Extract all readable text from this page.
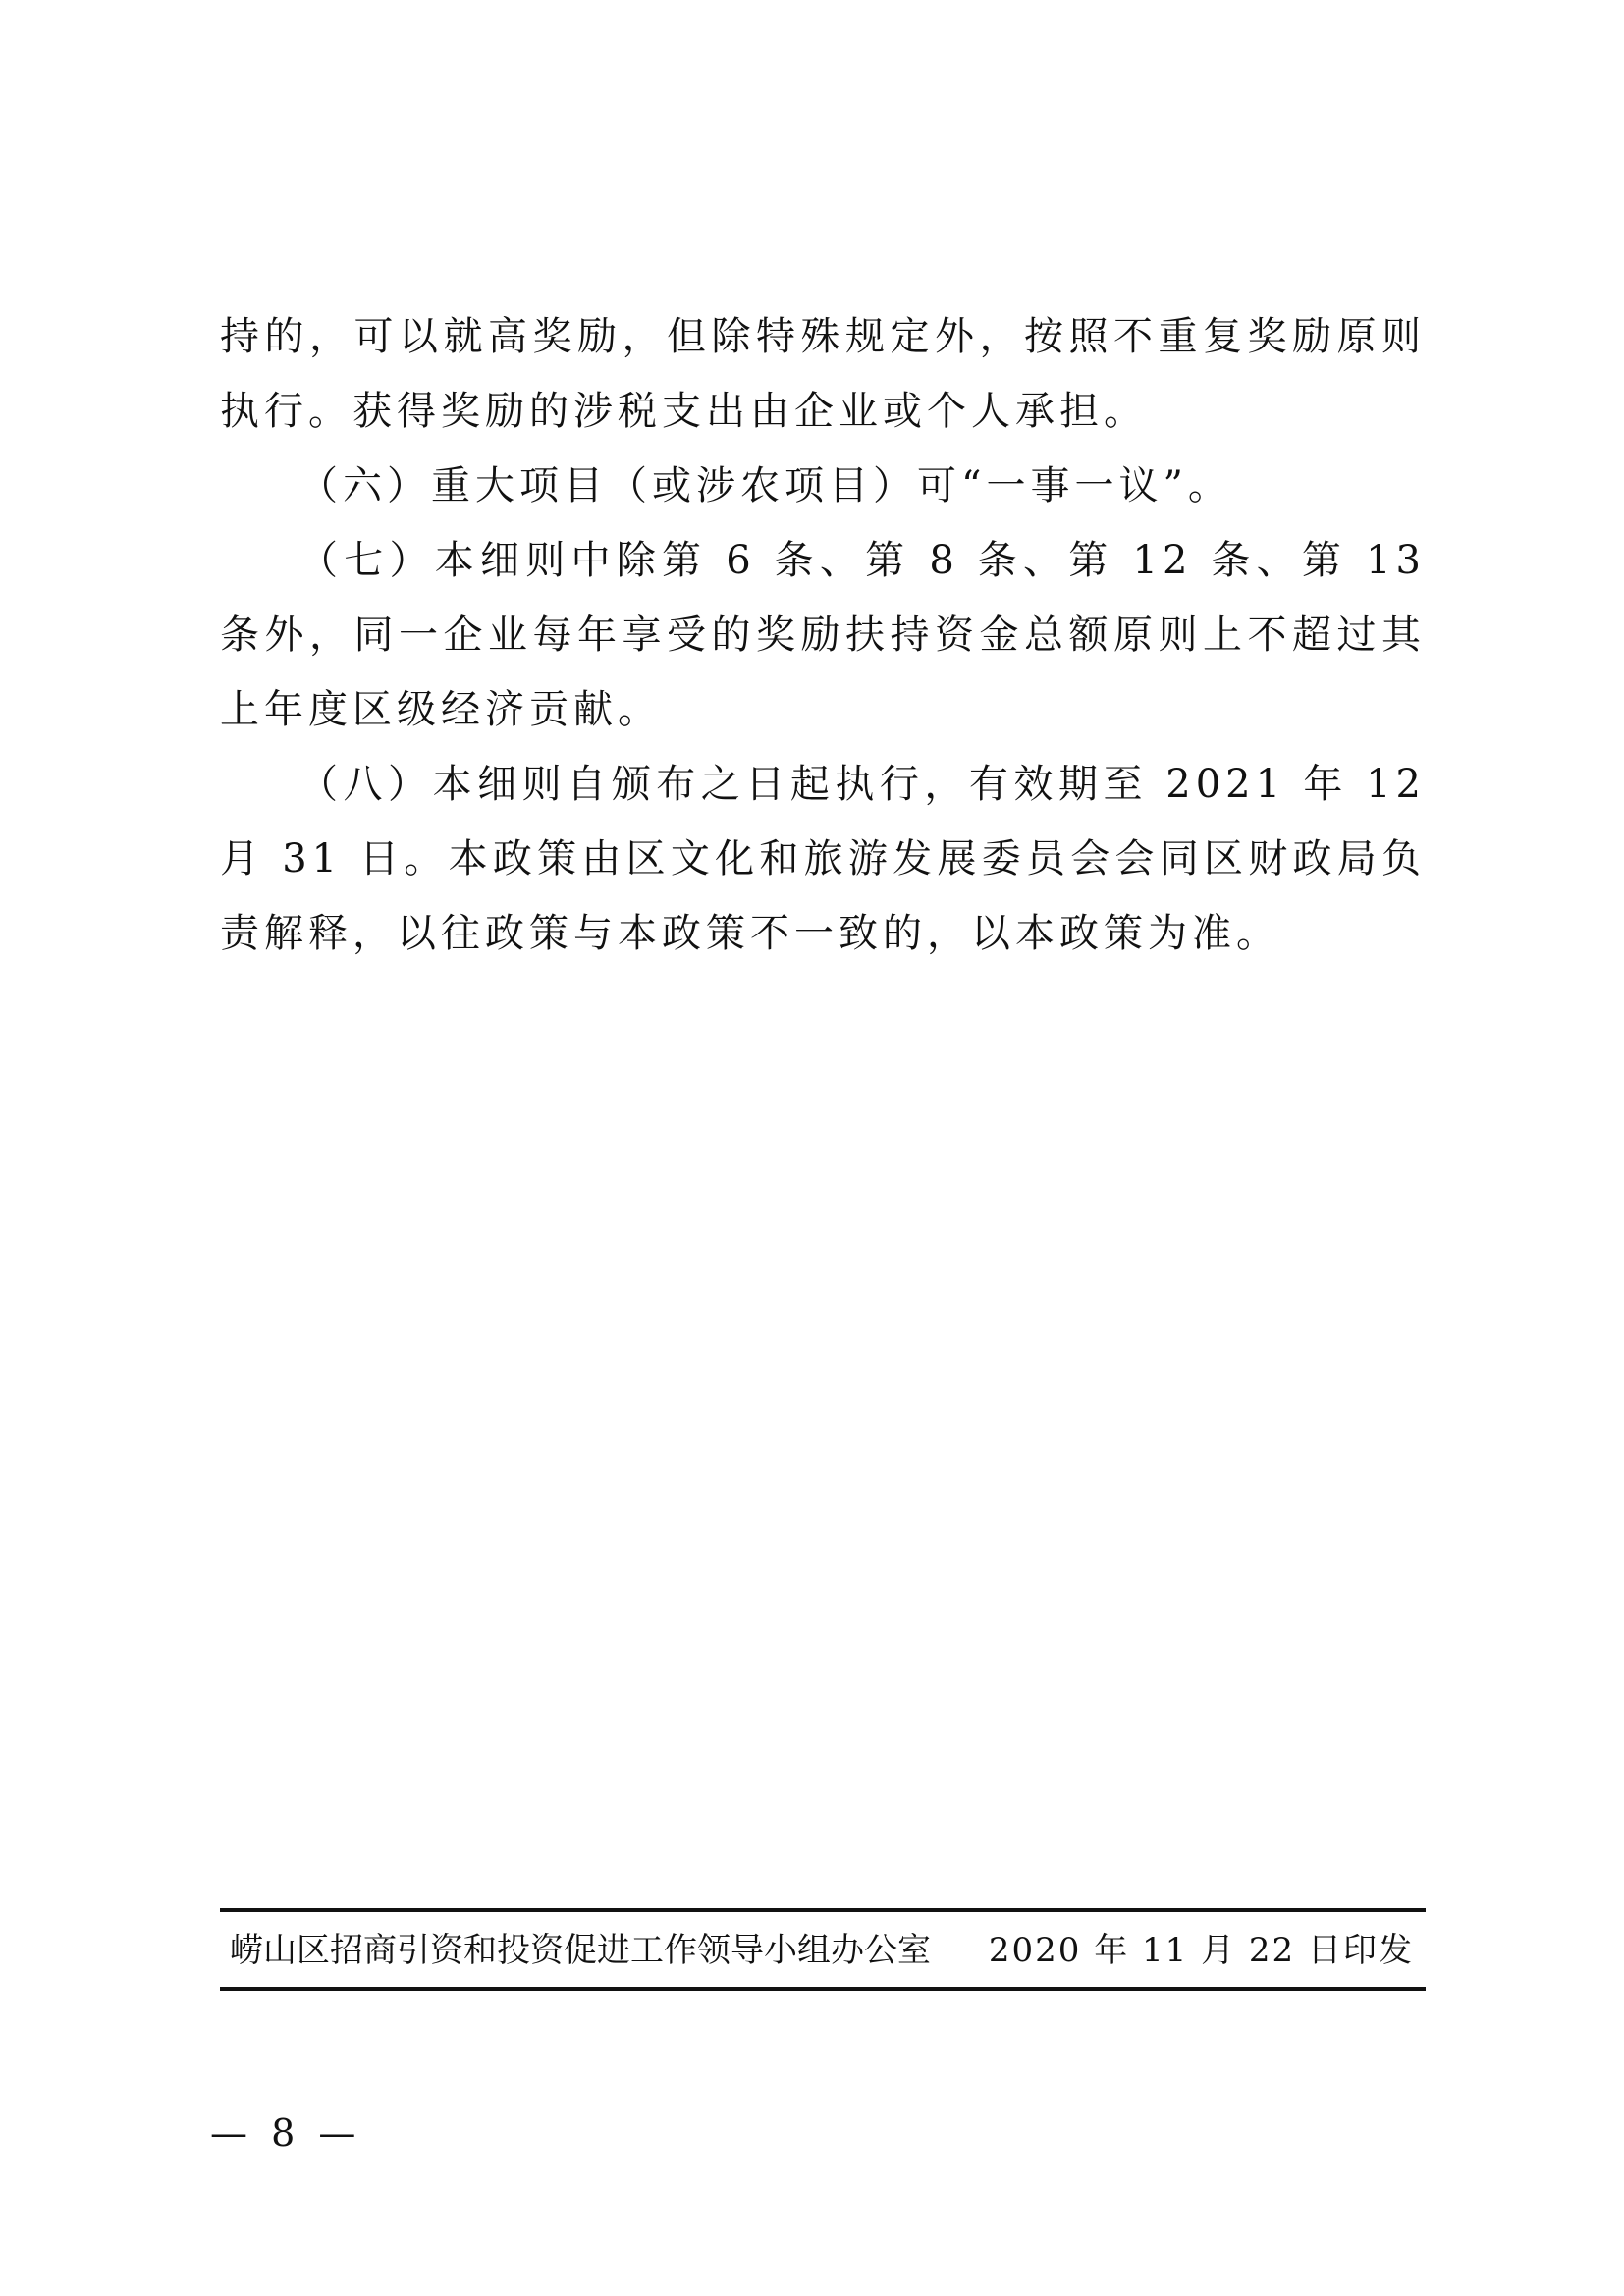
持的，可以就高奖励，但除特殊规定外，按照不重复奖励原则执行。获得奖励的涉税支出由企业或个人承担。

（六）重大项目（或涉农项目）可“一事一议”。

（七）本细则中除第 6 条、第 8 条、第 12 条、第 13 条外，同一企业每年享受的奖励扶持资金总额原则上不超过其上年度区级经济贡献。

（八）本细则自颁布之日起执行，有效期至 2021 年 12 月 31 日。本政策由区文化和旅游发展委员会会同区财政局负责解释，以往政策与本政策不一致的，以本政策为准。

崂山区招商引资和投资促进工作领导小组办公室 2020 年 11 月 22 日印发
— 8 —
